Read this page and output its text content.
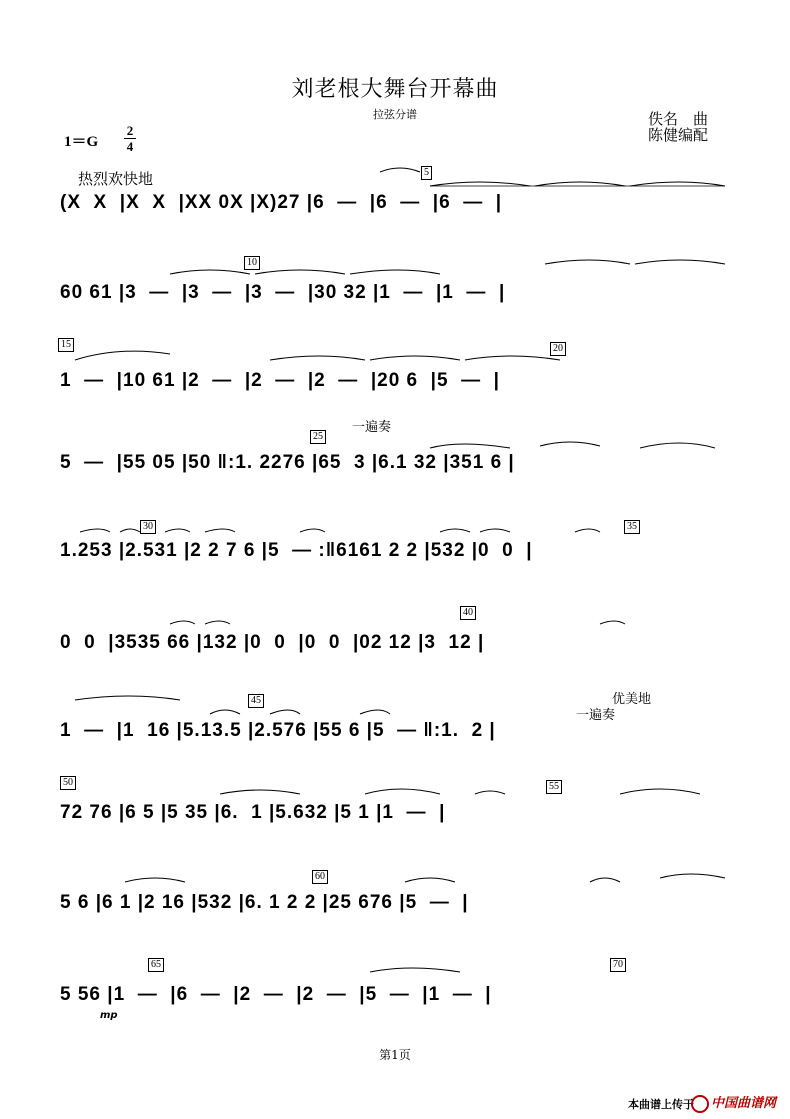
刘老根大舞台开幕曲
拉弦分谱	佚名　曲
陈健编配
1＝G
2
4
热烈欢快地	5
(X  X  |X  X  |XX 0X |X)27 |6  —  |6  —  |6  —  |
10
60 61 |3  —  |3  —  |3  —  |30 32 |1  —  |1  —  |
15	20
1  —  |10 61 |2  —  |2  —  |2  —  |20 6  |5  —  |
一遍奏
25
5  —  |55 05 |50 ‖:1. 2276 |65  3 |6.1 32 |351 6 |
30	35
1.253 |2.531 |2 2 7 6 |5  — :‖6161 2 2 |532 |0  0  |
40
0  0  |3535 66 |132 |0  0  |0  0  |02 12 |3  12 |
一遍奏
优美地
45
1  —  |1  16 |5.13.5 |2.576 |55 6 |5  — ‖:1.  2 |
50	55
72 76 |6 5 |5 35 |6.  1 |5.632 |5 1 |1  —  |
60
5 6 |6 1 |2 16 |532 |6. 1 2 2 |25 676 |5  —  |
65	70
mp
5 56 |1  —  |6  —  |2  —  |2  —  |5  —  |1  —  |
第1页
本曲谱上传于	中国曲谱网
